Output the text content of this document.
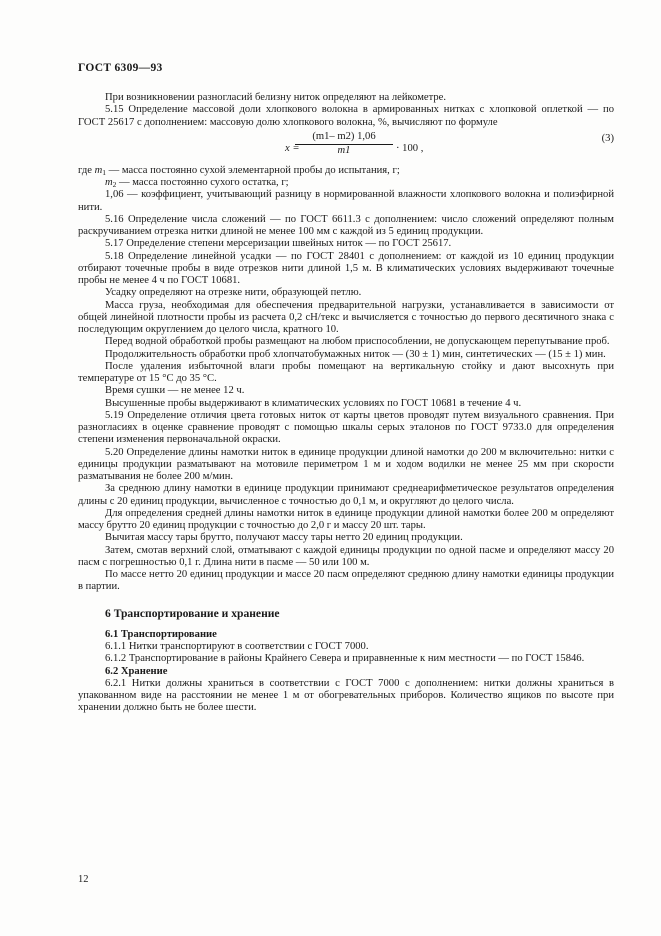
ГОСТ 6309—93

При возникновении разногласий белизну ниток определяют на лейкометре.

5.15 Определение массовой доли хлопкового волокна в армированных нитках с хлопковой оплеткой — по ГОСТ 25617 с дополнением: массовую долю хлопкового волокна, %, вычисляют по формуле

x =
$\frac{(m1- m2) 1,06}{m1} \cdot 100$ ,
(3)

где $m_1$ — масса постоянно сухой элементарной пробы до испытания, г;

$m_2$ — масса постоянно сухого остатка, г;

1,06 — коэффициент, учитывающий разницу в нормированной влажности хлопкового волокна и полиэфирной нити.

5.16 Определение числа сложений — по ГОСТ 6611.3 с дополнением: число сложений определяют полным раскручиванием отрезка нитки длиной не менее 100 мм с каждой из 5 единиц продукции.

5.17 Определение степени мерсеризации швейных ниток — по ГОСТ 25617.

5.18 Определение линейной усадки — по ГОСТ 28401 с дополнением: от каждой из 10 единиц продукции отбирают точечные пробы в виде отрезков нити длиной 1,5 м. В климатических условиях выдерживают точечные пробы не менее 4 ч по ГОСТ 10681.

Усадку определяют на отрезке нити, образующей петлю.

Масса груза, необходимая для обеспечения предварительной нагрузки, устанавливается в зависимости от общей линейной плотности пробы из расчета 0,2 сН/текс и вычисляется с точностью до первого десятичного знака с последующим округлением до целого числа, кратного 10.

Перед водной обработкой пробы размещают на любом приспособлении, не допускающем перепутывание проб.

Продолжительность обработки проб хлопчатобумажных ниток — (30 ± 1) мин, синтетических — (15 ± 1) мин.

После удаления избыточной влаги пробы помещают на вертикальную стойку и дают высохнуть при температуре от 15 °С до 35 °С.

Время сушки — не менее 12 ч.

Высушенные пробы выдерживают в климатических условиях по ГОСТ 10681 в течение 4 ч.

5.19 Определение отличия цвета готовых ниток от карты цветов проводят путем визуального сравнения. При разногласиях в оценке сравнение проводят с помощью шкалы серых эталонов по ГОСТ 9733.0 для определения степени изменения первоначальной окраски.

5.20 Определение длины намотки ниток в единице продукции длиной намотки до 200 м включительно: нитки с единицы продукции разматывают на мотовиле периметром 1 м и ходом водилки не менее 25 мм при скорости разматывания не более 200 м/мин.

За среднюю длину намотки в единице продукции принимают среднеарифметическое результатов определения длины с 20 единиц продукции, вычисленное с точностью до 0,1 м, и округляют до целого числа.

Для определения средней длины намотки ниток в единице продукции длиной намотки более 200 м определяют массу брутто 20 единиц продукции с точностью до 2,0 г и массу 20 шт. тары.

Вычитая массу тары брутто, получают массу тары нетто 20 единиц продукции.

Затем, смотав верхний слой, отматывают с каждой единицы продукции по одной пасме и определяют массу 20 пасм с погрешностью 0,1 г. Длина нити в пасме — 50 или 100 м.

По массе нетто 20 единиц продукции и массе 20 пасм определяют среднюю длину намотки единицы продукции в партии.

6 Транспортирование и хранение

6.1 Транспортирование

6.1.1 Нитки транспортируют в соответствии с ГОСТ 7000.

6.1.2 Транспортирование в районы Крайнего Севера и приравненные к ним местности — по ГОСТ 15846.

6.2 Хранение

6.2.1 Нитки должны храниться в соответствии с ГОСТ 7000 с дополнением: нитки должны храниться в упакованном виде на расстоянии не менее 1 м от обогревательных приборов. Количество ящиков по высоте при хранении должно быть не более шести.

12
